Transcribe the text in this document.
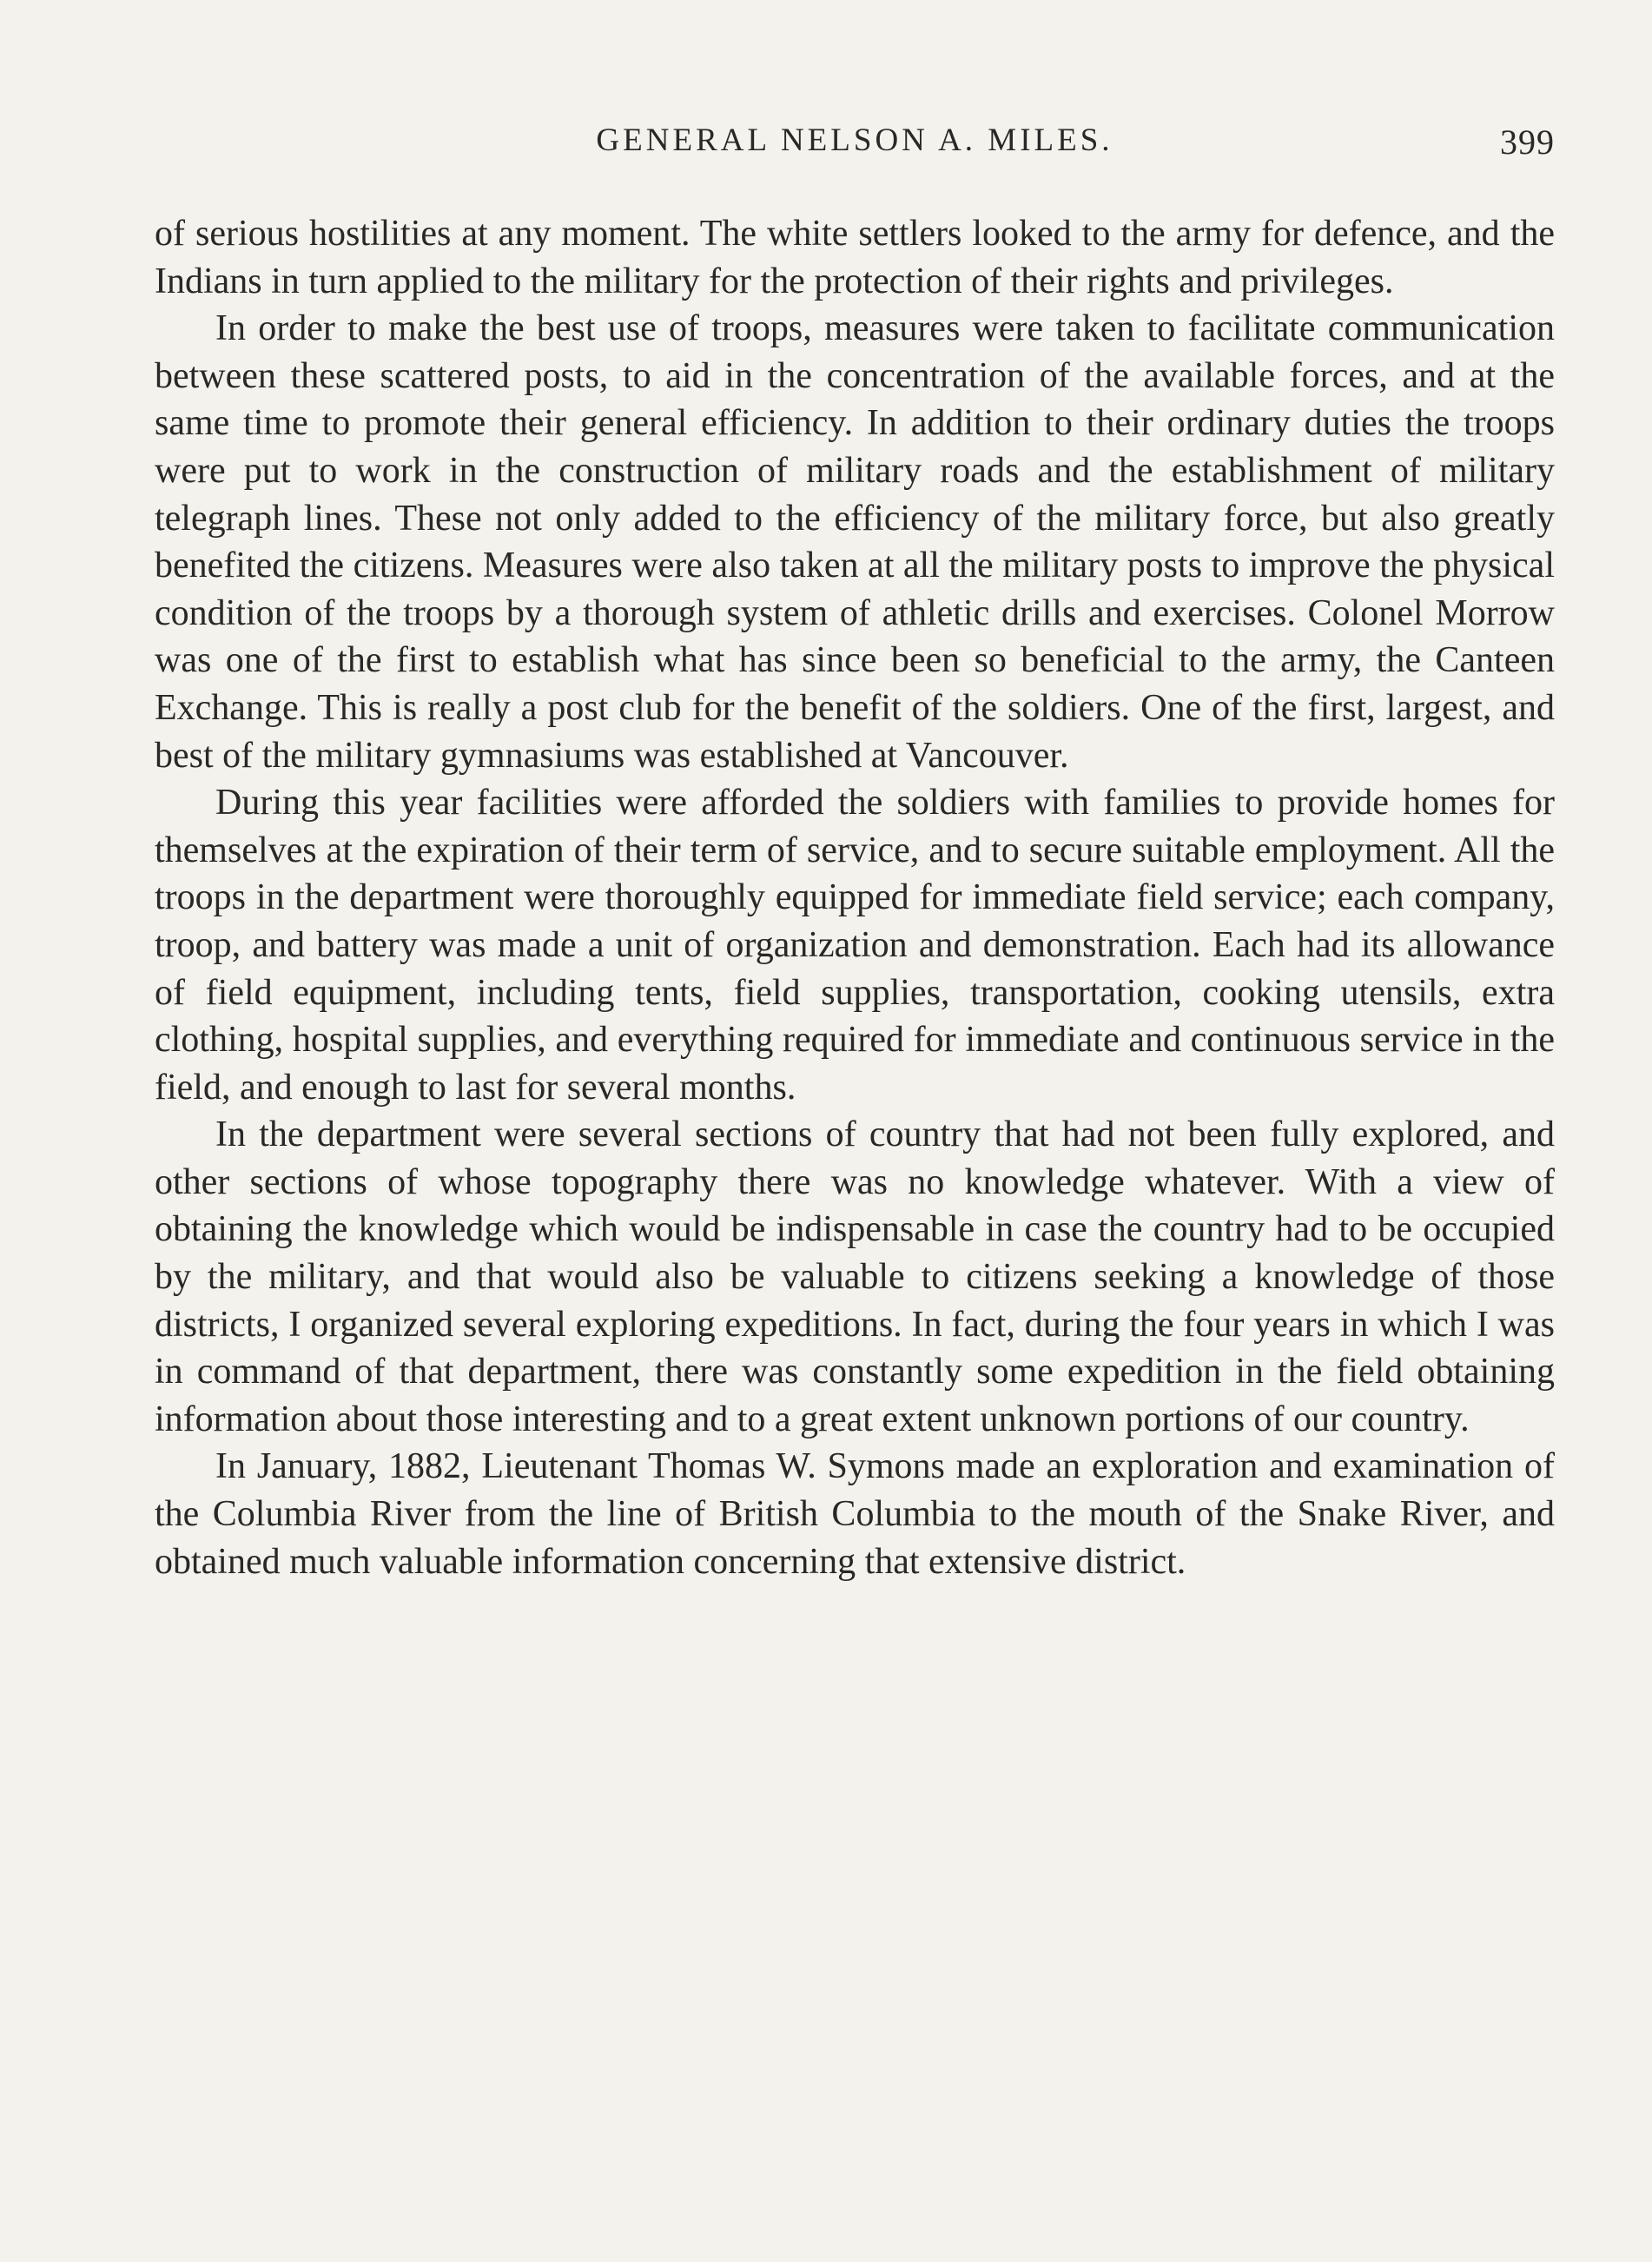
GENERAL NELSON A. MILES.	399

of serious hostilities at any moment. The white settlers looked to the army for defence, and the Indians in turn applied to the military for the protection of their rights and privileges.

In order to make the best use of troops, measures were taken to facilitate communication between these scattered posts, to aid in the concentration of the available forces, and at the same time to promote their general efficiency. In addition to their ordinary duties the troops were put to work in the construction of military roads and the establishment of military telegraph lines. These not only added to the efficiency of the military force, but also greatly benefited the citizens. Measures were also taken at all the military posts to improve the physical condition of the troops by a thorough system of athletic drills and exercises. Colonel Morrow was one of the first to establish what has since been so beneficial to the army, the Canteen Exchange. This is really a post club for the benefit of the soldiers. One of the first, largest, and best of the military gymnasiums was established at Vancouver.

During this year facilities were afforded the soldiers with families to provide homes for themselves at the expiration of their term of service, and to secure suitable employment. All the troops in the department were thoroughly equipped for immediate field service; each company, troop, and battery was made a unit of organization and demonstration. Each had its allowance of field equipment, including tents, field supplies, transportation, cooking utensils, extra clothing, hospital supplies, and everything required for immediate and continuous service in the field, and enough to last for several months.

In the department were several sections of country that had not been fully explored, and other sections of whose topography there was no knowledge whatever. With a view of obtaining the knowledge which would be indispensable in case the country had to be occupied by the military, and that would also be valuable to citizens seeking a knowledge of those districts, I organized several exploring expeditions. In fact, during the four years in which I was in command of that department, there was constantly some expedition in the field obtaining information about those interesting and to a great extent unknown portions of our country.

In January, 1882, Lieutenant Thomas W. Symons made an exploration and examination of the Columbia River from the line of British Columbia to the mouth of the Snake River, and obtained much valuable information concerning that extensive district.
